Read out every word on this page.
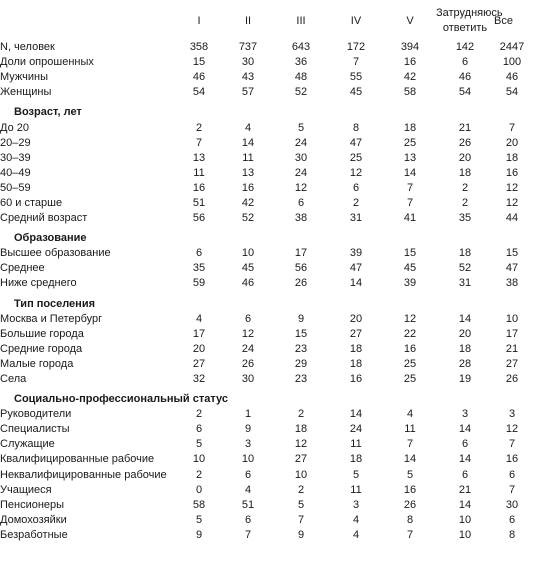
	I	II	III	IV	V	Затрудняюсь ответить	Все
N, человек	358	737	643	172	394	142	2447
Доли опрошенных	15	30	36	7	16	6	100
Мужчины	46	43	48	55	42	46	46
Женщины	54	57	52	45	58	54	54
Возраст, лет							
До 20	2	4	5	8	18	21	7
20–29	7	14	24	47	25	26	20
30–39	13	11	30	25	13	20	18
40–49	11	13	24	12	14	18	16
50–59	16	16	12	6	7	2	12
60 и старше	51	42	6	2	7	2	12
Средний возраст	56	52	38	31	41	35	44
Образование							
Высшее образование	6	10	17	39	15	18	15
Среднее	35	45	56	47	45	52	47
Ниже среднего	59	46	26	14	39	31	38
Тип поселения							
Москва и Петербург	4	6	9	20	12	14	10
Большие города	17	12	15	27	22	20	17
Средние города	20	24	23	18	16	18	21
Малые города	27	26	29	18	25	28	27
Села	32	30	23	16	25	19	26
Социально-профессиональный статус							
Руководители	2	1	2	14	4	3	3
Специалисты	6	9	18	24	11	14	12
Служащие	5	3	12	11	7	6	7
Квалифицированные рабочие	10	10	27	18	14	14	16
Неквалифицированные рабочие	2	6	10	5	5	6	6
Учащиеся	0	4	2	11	16	21	7
Пенсионеры	58	51	5	3	26	14	30
Домохозяйки	5	6	7	4	8	10	6
Безработные	9	7	9	4	7	10	8
